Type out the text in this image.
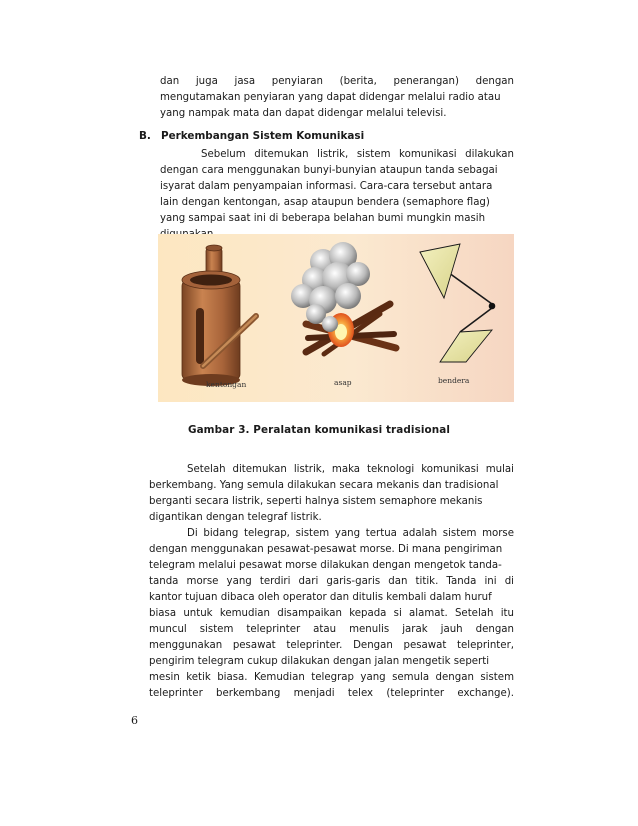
dan juga jasa penyiaran (berita, penerangan) dengan
mengutamakan penyiaran yang dapat didengar melalui radio atau
yang nampak mata dan dapat didengar melalui televisi.
B. Perkembangan Sistem Komunikasi
Sebelum ditemukan listrik, sistem komunikasi dilakukan
dengan cara menggunakan bunyi-bunyian ataupun tanda sebagai
isyarat dalam penyampaian informasi. Cara-cara tersebut antara
lain dengan kentongan, asap ataupun bendera (semaphore flag)
yang sampai saat ini di beberapa belahan bumi mungkin masih
kentongan	asap	bendera
Gambar 3. Peralatan komunikasi tradisional
Setelah ditemukan listrik, maka teknologi komunikasi mulai
berkembang. Yang semula dilakukan secara mekanis dan tradisional
berganti secara listrik, seperti halnya sistem semaphore mekanis
digantikan dengan telegraf listrik.
Di bidang telegrap, sistem yang tertua adalah sistem morse
dengan menggunakan pesawat-pesawat morse. Di mana pengiriman
telegram melalui pesawat morse dilakukan dengan mengetok tanda-
tanda morse yang terdiri dari garis-garis dan titik. Tanda ini di
kantor tujuan dibaca oleh operator dan ditulis kembali dalam huruf
biasa untuk kemudian disampaikan kepada si alamat. Setelah itu
muncul sistem teleprinter atau menulis jarak jauh dengan
menggunakan pesawat teleprinter. Dengan pesawat teleprinter,
pengirim telegram cukup dilakukan dengan jalan mengetik seperti
mesin ketik biasa. Kemudian telegrap yang semula dengan sistem
teleprinter berkembang menjadi telex (teleprinter exchange).
6
